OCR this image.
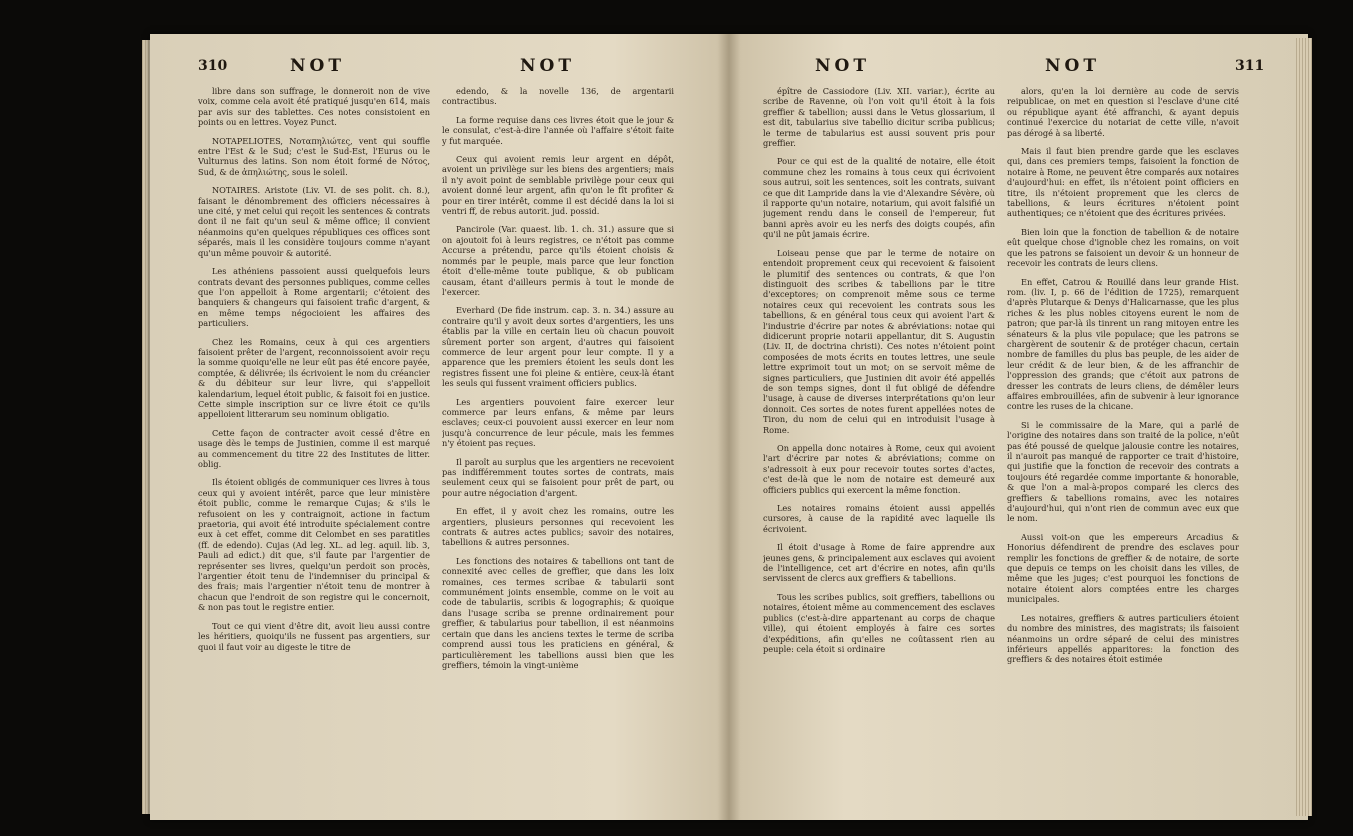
310	NOT	NOT

libre dans son suffrage, le donneroit non de vive voix, comme cela avoit été pratiqué jusqu'en 614, mais par avis sur des tablettes. Ces notes consistoient en points ou en lettres. Voyez Punct.

NOTAPELIOTES, Νοταπηλιώτες, vent qui souffle entre l'Est & le Sud; c'est le Sud-Est, l'Eurus ou le Vulturnus des latins. Son nom étoit formé de Νότος, Sud, & de ἀπηλιώτης, sous le soleil.

NOTAIRES. Aristote (Liv. VI. de ses polit. ch. 8.), faisant le dénombrement des officiers nécessaires à une cité, y met celui qui reçoit les sentences & contrats dont il ne fait qu'un seul & même office; il convient néanmoins qu'en quelques républiques ces offices sont séparés, mais il les considère toujours comme n'ayant qu'un même pouvoir & autorité.

Les athéniens passoient aussi quelquefois leurs contrats devant des personnes publiques, comme celles que l'on appelloit à Rome argentarii; c'étoient des banquiers & changeurs qui faisoient trafic d'argent, & en même temps négocioient les affaires des particuliers.

Chez les Romains, ceux à qui ces argentiers faisoient prêter de l'argent, reconnoissoient avoir reçu la somme quoiqu'elle ne leur eût pas été encore payée, comptée, & délivrée; ils écrivoient le nom du créancier & du débiteur sur leur livre, qui s'appelloit kalendarium, lequel étoit public, & faisoit foi en justice. Cette simple inscription sur ce livre étoit ce qu'ils appelloient litterarum seu nominum obligatio.

Cette façon de contracter avoit cessé d'être en usage dès le temps de Justinien, comme il est marqué au commencement du titre 22 des Institutes de litter. oblig.

Ils étoient obligés de communiquer ces livres à tous ceux qui y avoient intérêt, parce que leur ministère étoit public, comme le remarque Cujas; & s'ils le refusoient on les y contraignoit, actione in factum praetoria, qui avoit été introduite spécialement contre eux à cet effet, comme dit Celombet en ses paratitles (ff. de edendo). Cujas (Ad leg. XL. ad leg. aquil. lib. 3, Pauli ad edict.) dit que, s'il faute par l'argentier de représenter ses livres, quelqu'un perdoit son procès, l'argentier étoit tenu de l'indemniser du principal & des frais; mais l'argentier n'étoit tenu de montrer à chacun que l'endroit de son registre qui le concernoit, & non pas tout le registre entier.

Tout ce qui vient d'être dit, avoit lieu aussi contre les héritiers, quoiqu'ils ne fussent pas argentiers, sur quoi il faut voir au digeste le titre de

edendo, & la novelle 136, de argentarii contractibus.

La forme requise dans ces livres étoit que le jour & le consulat, c'est-à-dire l'année où l'affaire s'étoit faite y fut marquée.

Ceux qui avoient remis leur argent en dépôt, avoient un privilège sur les biens des argentiers; mais il n'y avoit point de semblable privilège pour ceux qui avoient donné leur argent, afin qu'on le fît profiter & pour en tirer intérêt, comme il est décidé dans la loi si ventri ff, de rebus autorit. jud. possid.

Pancirole (Var. quaest. lib. 1. ch. 31.) assure que si on ajoutoit foi à leurs registres, ce n'étoit pas comme Accurse a prétendu, parce qu'ils étoient choisis & nommés par le peuple, mais parce que leur fonction étoit d'elle-même toute publique, & ob publicam causam, étant d'ailleurs permis à tout le monde de l'exercer.

Everhard (De fide instrum. cap. 3. n. 34.) assure au contraire qu'il y avoit deux sortes d'argentiers, les uns établis par la ville en certain lieu où chacun pouvoit sûrement porter son argent, d'autres qui faisoient commerce de leur argent pour leur compte. Il y a apparence que les premiers étoient les seuls dont les registres fissent une foi pleine & entière, ceux-là étant les seuls qui fussent vraiment officiers publics.

Les argentiers pouvoient faire exercer leur commerce par leurs enfans, & même par leurs esclaves; ceux-ci pouvoient aussi exercer en leur nom jusqu'à concurrence de leur pécule, mais les femmes n'y étoient pas reçues.

Il paroît au surplus que les argentiers ne recevoient pas indifféremment toutes sortes de contrats, mais seulement ceux qui se faisoient pour prêt de part, ou pour autre négociation d'argent.

En effet, il y avoit chez les romains, outre les argentiers, plusieurs personnes qui recevoient les contrats & autres actes publics; savoir des notaires, tabellions & autres personnes.

Les fonctions des notaires & tabellions ont tant de connexité avec celles de greffier, que dans les loix romaines, ces termes scribae & tabularii sont communément joints ensemble, comme on le voit au code de tabulariis, scribis & logographis; & quoique dans l'usage scriba se prenne ordinairement pour greffier, & tabularius pour tabellion, il est néanmoins certain que dans les anciens textes le terme de scriba comprend aussi tous les praticiens en général, & particulièrement les tabellions aussi bien que les greffiers, témoin la vingt-unième

NOT	NOT	311

épître de Cassiodore (Liv. XII. variar.), écrite au scribe de Ravenne, où l'on voit qu'il étoit à la fois greffier & tabellion; aussi dans le Vetus glossarium, il est dit, tabularius sive tabellio dicitur scriba publicus; le terme de tabularius est aussi souvent pris pour greffier.

Pour ce qui est de la qualité de notaire, elle étoit commune chez les romains à tous ceux qui écrivoient sous autrui, soit les sentences, soit les contrats, suivant ce que dit Lampride dans la vie d'Alexandre Sévère, où il rapporte qu'un notaire, notarium, qui avoit falsifié un jugement rendu dans le conseil de l'empereur, fut banni après avoir eu les nerfs des doigts coupés, afin qu'il ne pût jamais écrire.

Loiseau pense que par le terme de notaire on entendoit proprement ceux qui recevoient & faisoient le plumitif des sentences ou contrats, & que l'on distinguoit des scribes & tabellions par le titre d'exceptores; on comprenoit même sous ce terme notaires ceux qui recevoient les contrats sous les tabellions, & en général tous ceux qui avoient l'art & l'industrie d'écrire par notes & abréviations: notae qui didicerunt proprie notarii appellantur, dit S. Augustin (Liv. II, de doctrina christi). Ces notes n'étoient point composées de mots écrits en toutes lettres, une seule lettre exprimoit tout un mot; on se servoit même de signes particuliers, que Justinien dit avoir été appellés de son temps signes, dont il fut obligé de défendre l'usage, à cause de diverses interprétations qu'on leur donnoit. Ces sortes de notes furent appellées notes de Tiron, du nom de celui qui en introduisit l'usage à Rome.

On appella donc notaires à Rome, ceux qui avoient l'art d'écrire par notes & abréviations; comme on s'adressoit à eux pour recevoir toutes sortes d'actes, c'est de-là que le nom de notaire est demeuré aux officiers publics qui exercent la même fonction.

Les notaires romains étoient aussi appellés cursores, à cause de la rapidité avec laquelle ils écrivoient.

Il étoit d'usage à Rome de faire apprendre aux jeunes gens, & principalement aux esclaves qui avoient de l'intelligence, cet art d'écrire en notes, afin qu'ils servissent de clercs aux greffiers & tabellions.

Tous les scribes publics, soit greffiers, tabellions ou notaires, étoient même au commencement des esclaves publics (c'est-à-dire appartenant au corps de chaque ville), qui étoient employés à faire ces sortes d'expéditions, afin qu'elles ne coûtassent rien au peuple: cela étoit si ordinaire

alors, qu'en la loi dernière au code de servis reipublicae, on met en question si l'esclave d'une cité ou république ayant été affranchi, & ayant depuis continué l'exercice du notariat de cette ville, n'avoit pas dérogé à sa liberté.

Mais il faut bien prendre garde que les esclaves qui, dans ces premiers temps, faisoient la fonction de notaire à Rome, ne peuvent être comparés aux notaires d'aujourd'hui: en effet, ils n'étoient point officiers en titre, ils n'étoient proprement que les clercs de tabellions, & leurs écritures n'étoient point authentiques; ce n'étoient que des écritures privées.

Bien loin que la fonction de tabellion & de notaire eût quelque chose d'ignoble chez les romains, on voit que les patrons se faisoient un devoir & un honneur de recevoir les contrats de leurs cliens.

En effet, Catrou & Rouillé dans leur grande Hist. rom. (liv. I, p. 66 de l'édition de 1725), remarquent d'après Plutarque & Denys d'Halicarnasse, que les plus riches & les plus nobles citoyens eurent le nom de patron; que par-là ils tinrent un rang mitoyen entre les sénateurs & la plus vile populace; que les patrons se chargèrent de soutenir & de protéger chacun, certain nombre de familles du plus bas peuple, de les aider de leur crédit & de leur bien, & de les affranchir de l'oppression des grands; que c'étoit aux patrons de dresser les contrats de leurs cliens, de démêler leurs affaires embrouillées, afin de subvenir à leur ignorance contre les ruses de la chicane.

Si le commissaire de la Mare, qui a parlé de l'origine des notaires dans son traité de la police, n'eût pas été poussé de quelque jalousie contre les notaires, il n'auroit pas manqué de rapporter ce trait d'histoire, qui justifie que la fonction de recevoir des contrats a toujours été regardée comme importante & honorable, & que l'on a mal-à-propos comparé les clercs des greffiers & tabellions romains, avec les notaires d'aujourd'hui, qui n'ont rien de commun avec eux que le nom.

Aussi voit-on que les empereurs Arcadius & Honorius défendirent de prendre des esclaves pour remplir les fonctions de greffier & de notaire, de sorte que depuis ce temps on les choisit dans les villes, de même que les juges; c'est pourquoi les fonctions de notaire étoient alors comptées entre les charges municipales.

Les notaires, greffiers & autres particuliers étoient du nombre des ministres, des magistrats; ils faisoient néanmoins un ordre séparé de celui des ministres inférieurs appellés apparitores: la fonction des greffiers & des notaires étoit estimée
